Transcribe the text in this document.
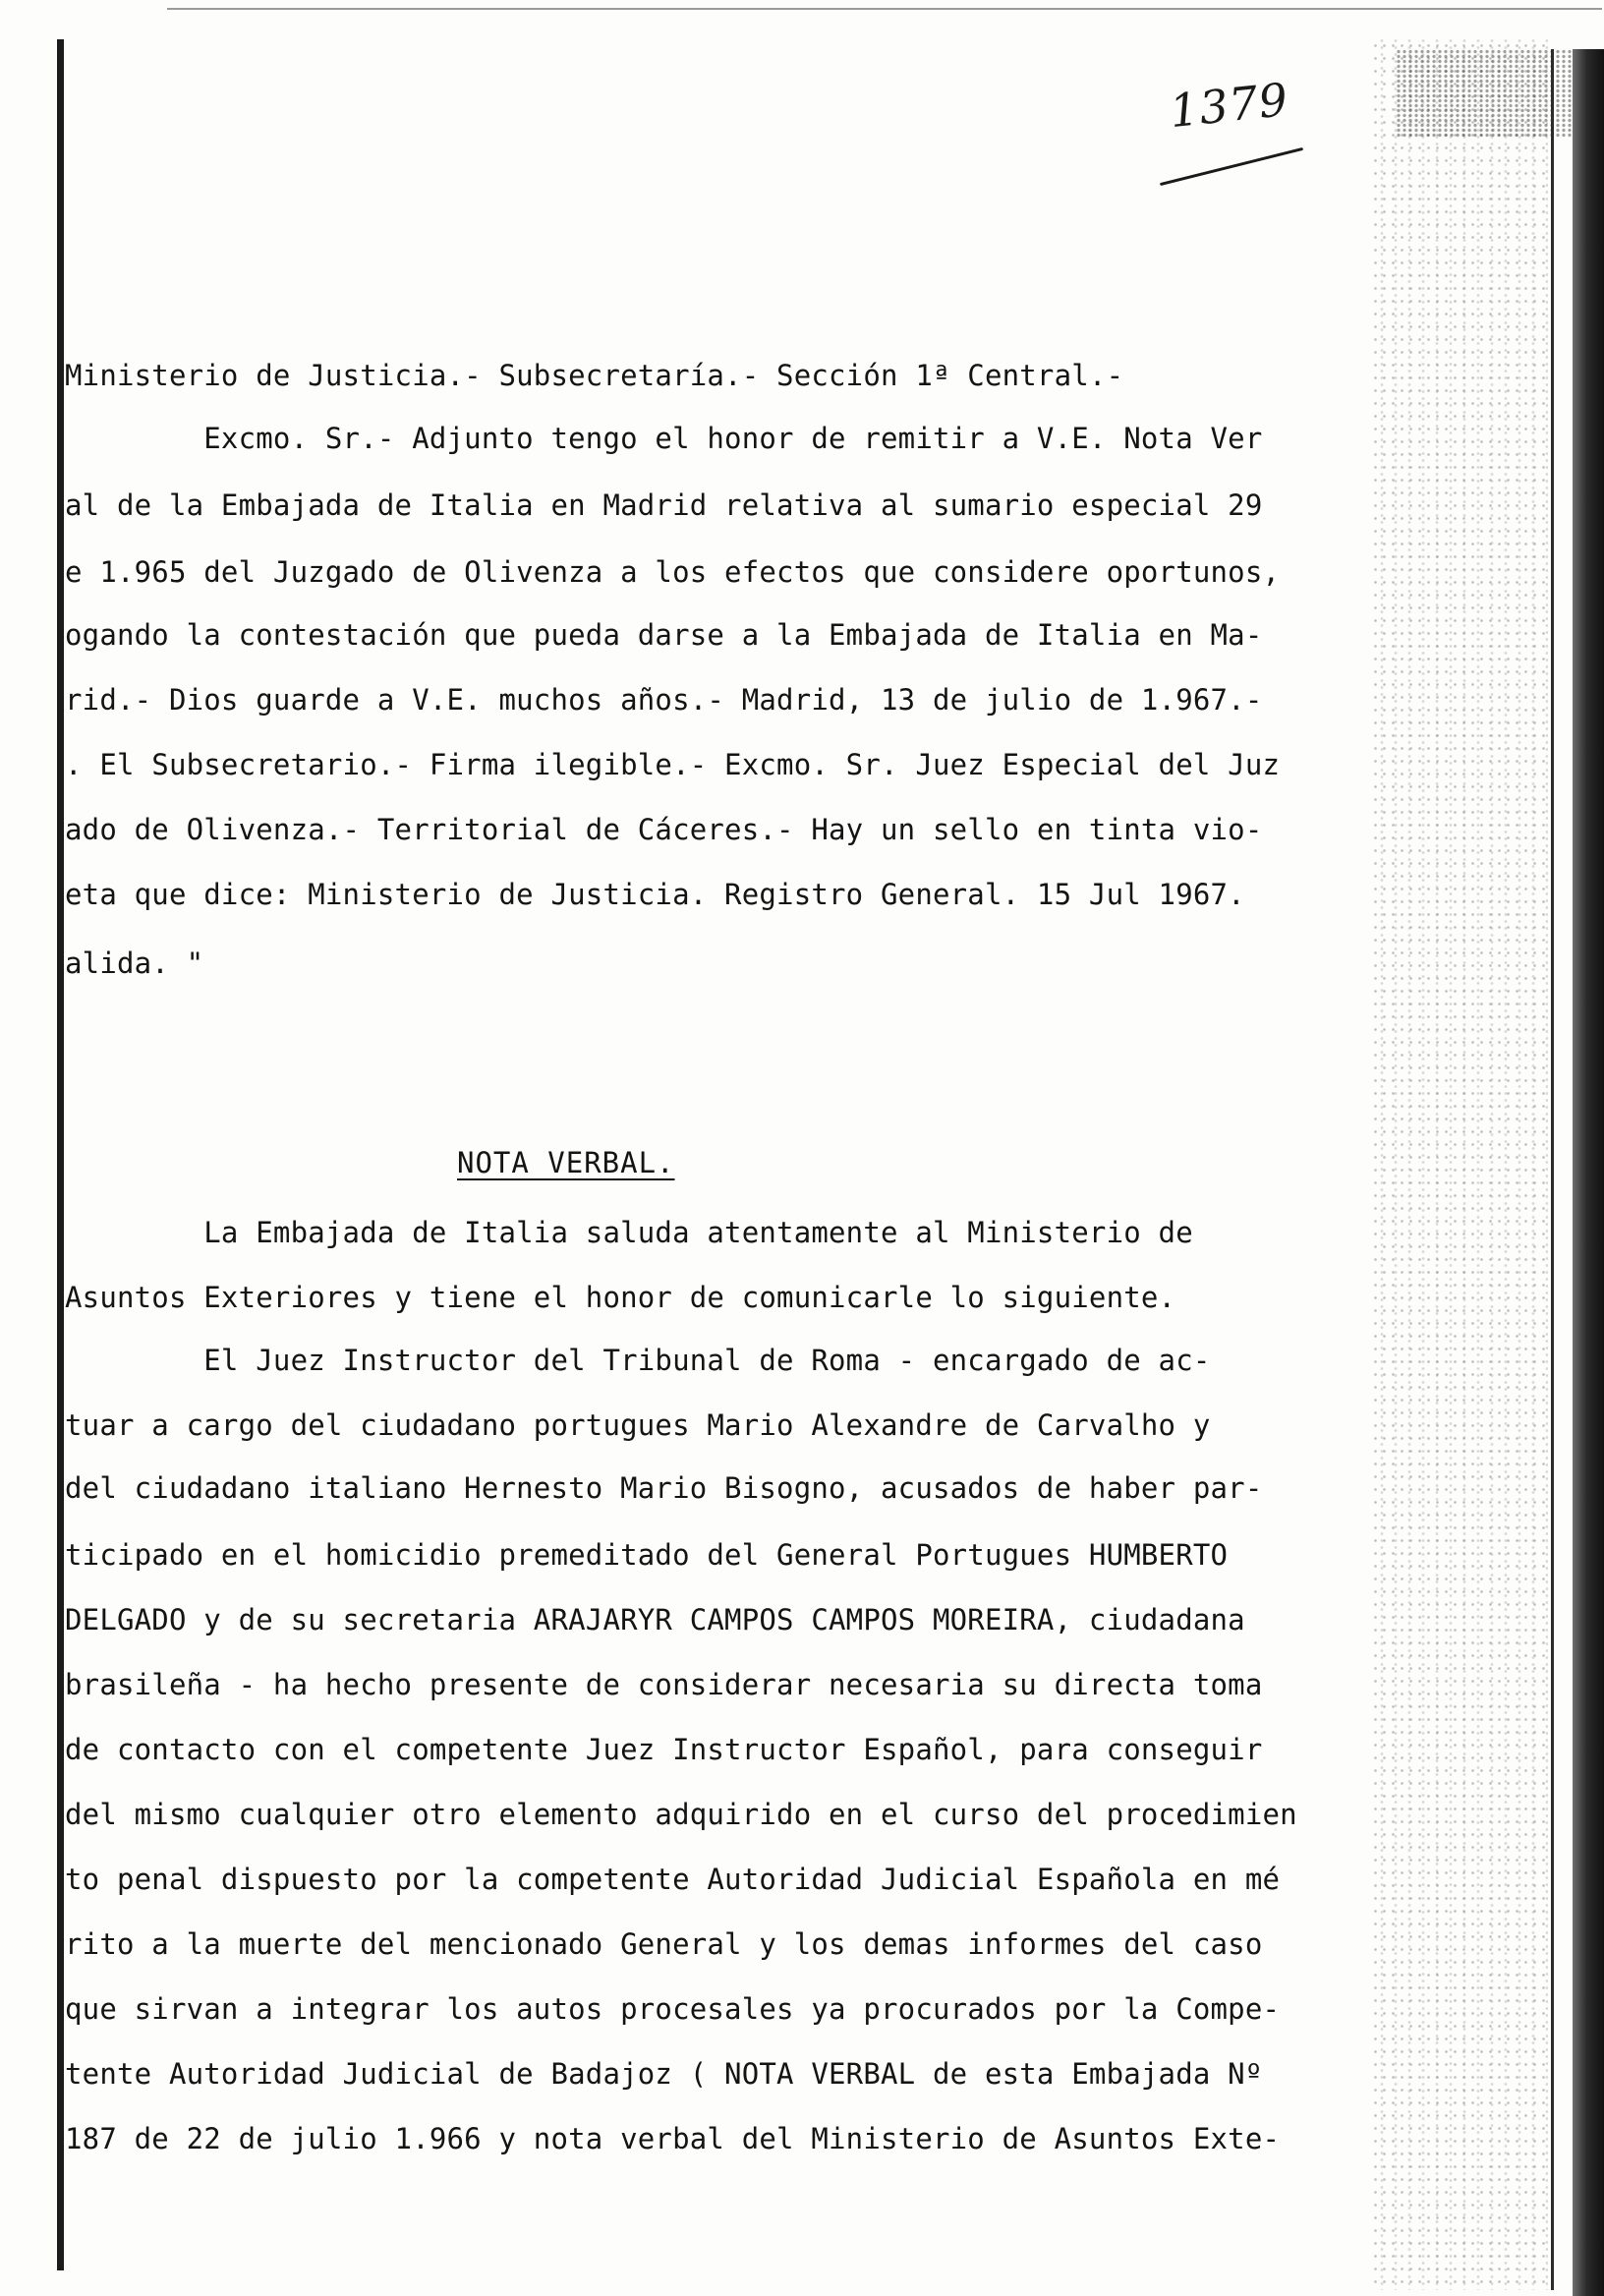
1379
Ministerio de Justicia.- Subsecretaría.- Sección 1ª Central.-
Excmo. Sr.- Adjunto tengo el honor de remitir a V.E. Nota Ver
al de la Embajada de Italia en Madrid relativa al sumario especial 29
e 1.965 del Juzgado de Olivenza a los efectos que considere oportunos,
ogando la contestación que pueda darse a la Embajada de Italia en Ma-
rid.- Dios guarde a V.E. muchos años.- Madrid, 13 de julio de 1.967.-
. El Subsecretario.- Firma ilegible.- Excmo. Sr. Juez Especial del Juz
ado de Olivenza.- Territorial de Cáceres.- Hay un sello en tinta vio-
eta que dice: Ministerio de Justicia. Registro General. 15 Jul 1967.
alida. "
NOTA VERBAL.
La Embajada de Italia saluda atentamente al Ministerio de
Asuntos Exteriores y tiene el honor de comunicarle lo siguiente.
El Juez Instructor del Tribunal de Roma - encargado de ac-
tuar a cargo del ciudadano portugues Mario Alexandre de Carvalho y
del ciudadano italiano Hernesto Mario Bisogno, acusados de haber par-
ticipado en el homicidio premeditado del General Portugues HUMBERTO
DELGADO y de su secretaria ARAJARYR CAMPOS CAMPOS MOREIRA, ciudadana
brasileña - ha hecho presente de considerar necesaria su directa toma
de contacto con el competente Juez Instructor Español, para conseguir
del mismo cualquier otro elemento adquirido en el curso del procedimien
to penal dispuesto por la competente Autoridad Judicial Española en mé
rito a la muerte del mencionado General y los demas informes del caso
que sirvan a integrar los autos procesales ya procurados por la Compe-
tente Autoridad Judicial de Badajoz ( NOTA VERBAL de esta Embajada Nº
187 de 22 de julio 1.966 y nota verbal del Ministerio de Asuntos Exte-
